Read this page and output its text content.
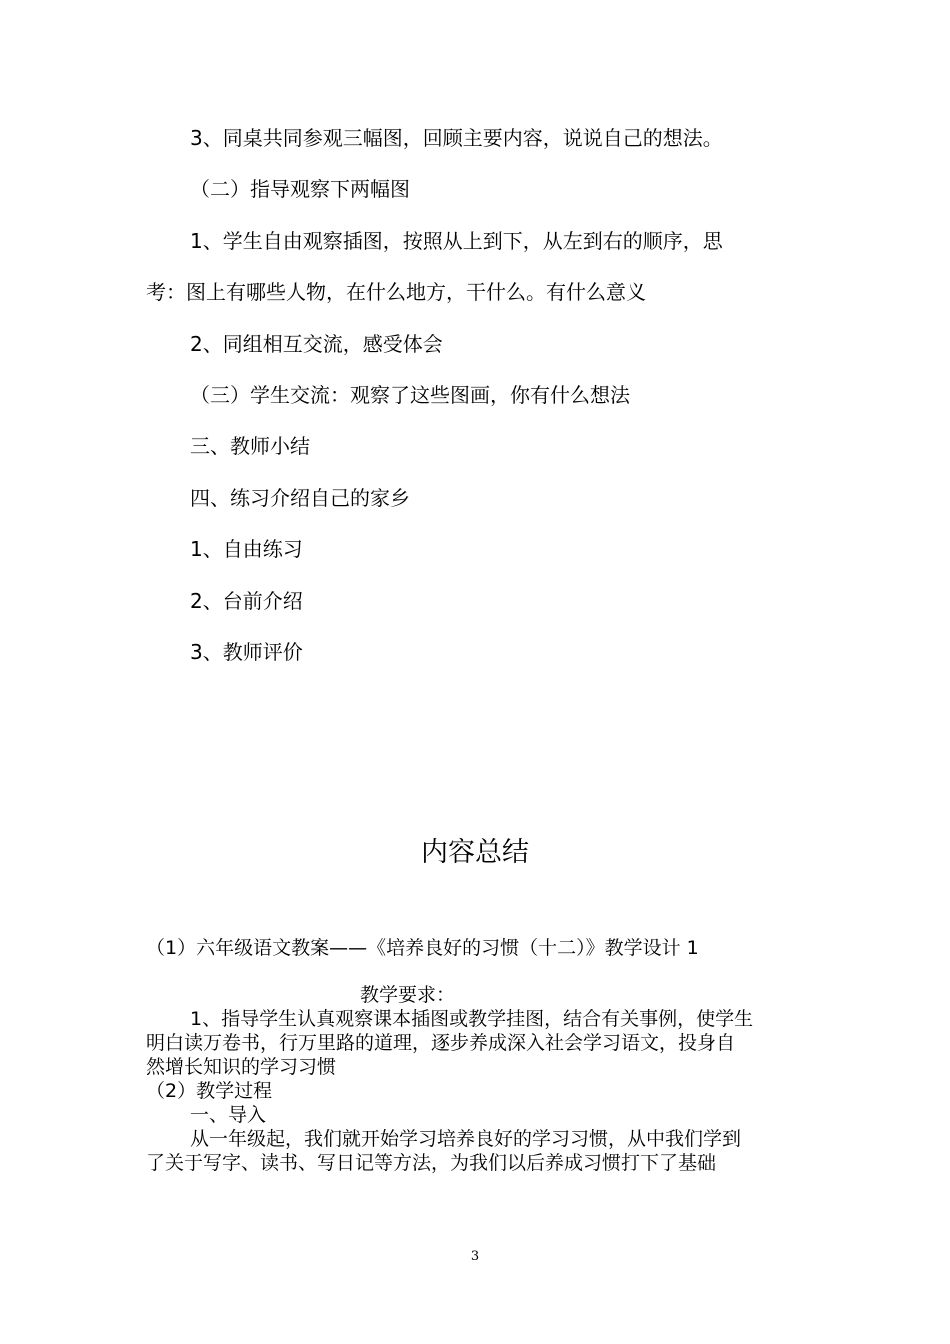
3、同桌共同参观三幅图，回顾主要内容，说说自己的想法。
（二）指导观察下两幅图
1、学生自由观察插图，按照从上到下，从左到右的顺序，思
考：图上有哪些人物，在什么地方，干什么。有什么意义
2、同组相互交流，感受体会
（三）学生交流：观察了这些图画，你有什么想法
三、教师小结
四、练习介绍自己的家乡
1、自由练习
2、台前介绍
3、教师评价
内容总结
（1）六年级语文教案——《培养良好的习惯（十二）》教学设计 1
教学要求：
1、指导学生认真观察课本插图或教学挂图，结合有关事例，使学生
明白读万卷书，行万里路的道理，逐步养成深入社会学习语文，投身自
然增长知识的学习习惯
（2）教学过程
一、导入
从一年级起，我们就开始学习培养良好的学习习惯，从中我们学到
了关于写字、读书、写日记等方法，为我们以后养成习惯打下了基础
3
